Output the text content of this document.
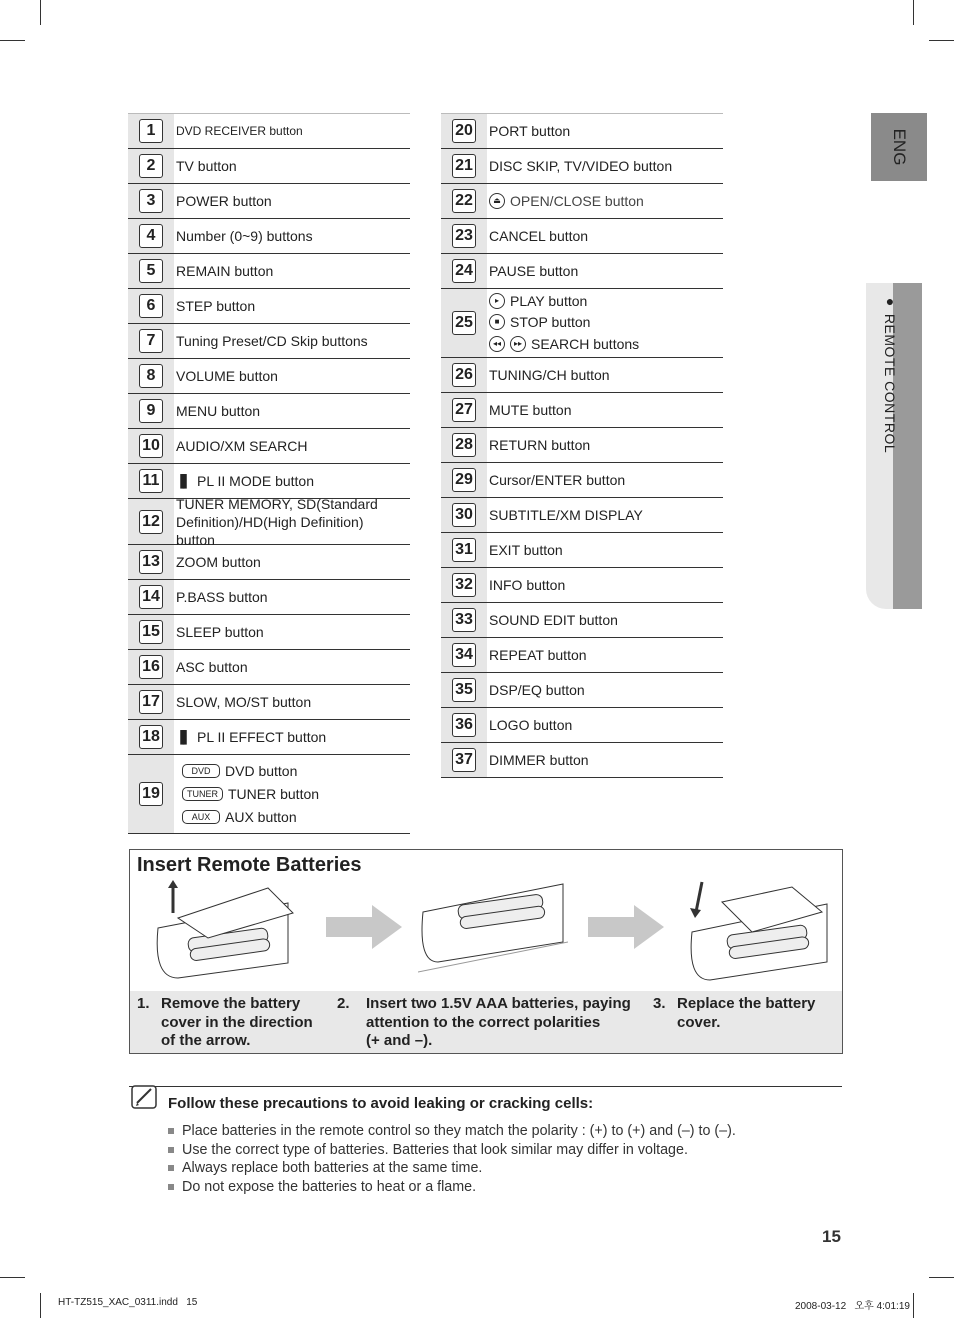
ENG
● REMOTE CONTROL
1	DVD RECEIVER button
2	TV button
3	POWER button
4	Number (0~9) buttons
5	REMAIN button
6	STEP button
7	Tuning Preset/CD Skip buttons
8	VOLUME button
9	MENU button
10 AUDIO/XM SEARCH
11 ▐▌ PL II MODE button
12
TUNER MEMORY, SD(Standard Definition)/HD(High Definition) button
13 ZOOM button
14 P.BASS button
15 SLEEP button
16 ASC button
17 SLOW, MO/ST button
18 ▐▌ PL II EFFECT button
19
DVD	DVD button
TUNER TUNER button
AUX	AUX button
20 PORT button
21 DISC SKIP, TV/VIDEO button
22	⏏ OPEN/CLOSE button
23 CANCEL button
24 PAUSE button
25
▸ PLAY button
■ STOP button
◂◂	▸▸ SEARCH buttons
26 TUNING/CH button
27 MUTE button
28 RETURN button
29 Cursor/ENTER button
30 SUBTITLE/XM DISPLAY
31 EXIT button
32 INFO button
33 SOUND EDIT button
34 REPEAT button
35 DSP/EQ button
36 LOGO button
37 DIMMER button
Insert Remote Batteries
1. Remove the battery
cover in the direction
of the arrow.
2.	Insert two 1.5V AAA batteries, paying
attention to the correct polarities
(+ and –).
3. Replace the battery
cover.
Follow these precautions to avoid leaking or cracking cells:
Place batteries in the remote control so they match the polarity : (+) to (+) and (–) to (–).
Use the correct type of batteries. Batteries that look similar may differ in voltage.
Always replace both batteries at the same time.
Do not expose the batteries to heat or a flame.
15
HT-TZ515_XAC_0311.indd   15	2008-03-12   오후 4:01:19
